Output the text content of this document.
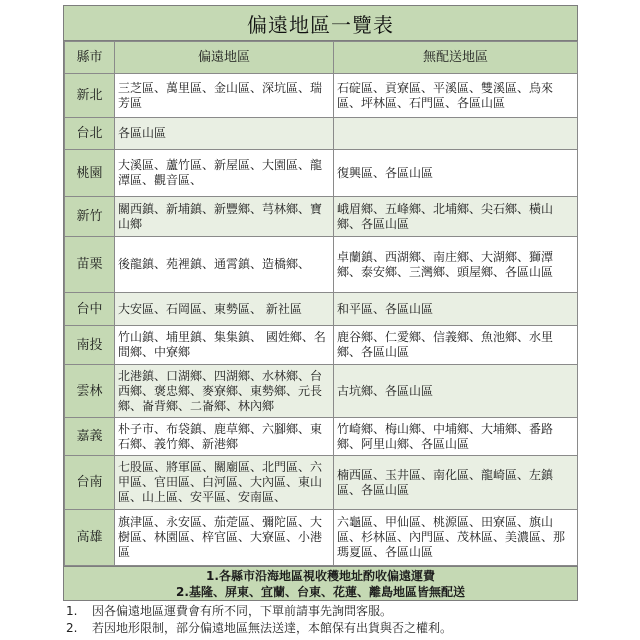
偏遠地區一覽表
縣市	偏遠地區	無配送地區
新北	三芝區、萬里區、金山區、深坑區、瑞芳區	石碇區、貢寮區、平溪區、雙溪區、烏來區、坪林區、石門區、各區山區
台北	各區山區	
桃園	大溪區、蘆竹區、新屋區、大園區、龍潭區、觀音區、	復興區、各區山區
新竹	關西鎮、新埔鎮、新豐鄉、芎林鄉、寶山鄉	峨眉鄉、五峰鄉、北埔鄉、尖石鄉、橫山鄉、各區山區
苗栗	後龍鎮、苑裡鎮、通霄鎮、造橋鄉、	卓蘭鎮、西湖鄉、南庄鄉、大湖鄉、獅潭鄉、泰安鄉、三灣鄉、頭屋鄉、各區山區
台中	大安區、石岡區、東勢區、 新社區	和平區、各區山區
南投	竹山鎮、埔里鎮、集集鎮、 國姓鄉、名間鄉、中寮鄉	鹿谷鄉、仁愛鄉、信義鄉、魚池鄉、水里鄉、各區山區
雲林	北港鎮、口湖鄉、四湖鄉、水林鄉、台西鄉、褒忠鄉、麥寮鄉、東勢鄉、元長鄉、崙背鄉、二崙鄉、林內鄉	古坑鄉、各區山區
嘉義	朴子市、布袋鎮、鹿草鄉、六腳鄉、東石鄉、義竹鄉、新港鄉	竹崎鄉、梅山鄉、中埔鄉、大埔鄉、番路鄉、阿里山鄉、各區山區
台南	七股區、將軍區、關廟區、北門區、六甲區、官田區、白河區、大內區、東山區、山上區、安平區、安南區、	楠西區、玉井區、南化區、龍崎區、左鎮區、各區山區
高雄	旗津區、永安區、茄萣區、彌陀區、大樹區、林園區、梓官區、大寮區、小港區	六龜區、甲仙區、桃源區、田寮區、旗山區、杉林區、內門區、茂林區、美濃區、那瑪夏區、各區山區
1.各縣市沿海地區視收穫地址酌收偏遠運費
2.基隆、屏東、宜蘭、台東、花蓮、離島地區皆無配送
1.	因各偏遠地區運費會有所不同，下單前請事先詢問客服。
2.	若因地形限制，部分偏遠地區無法送達，本館保有出貨與否之權利。
